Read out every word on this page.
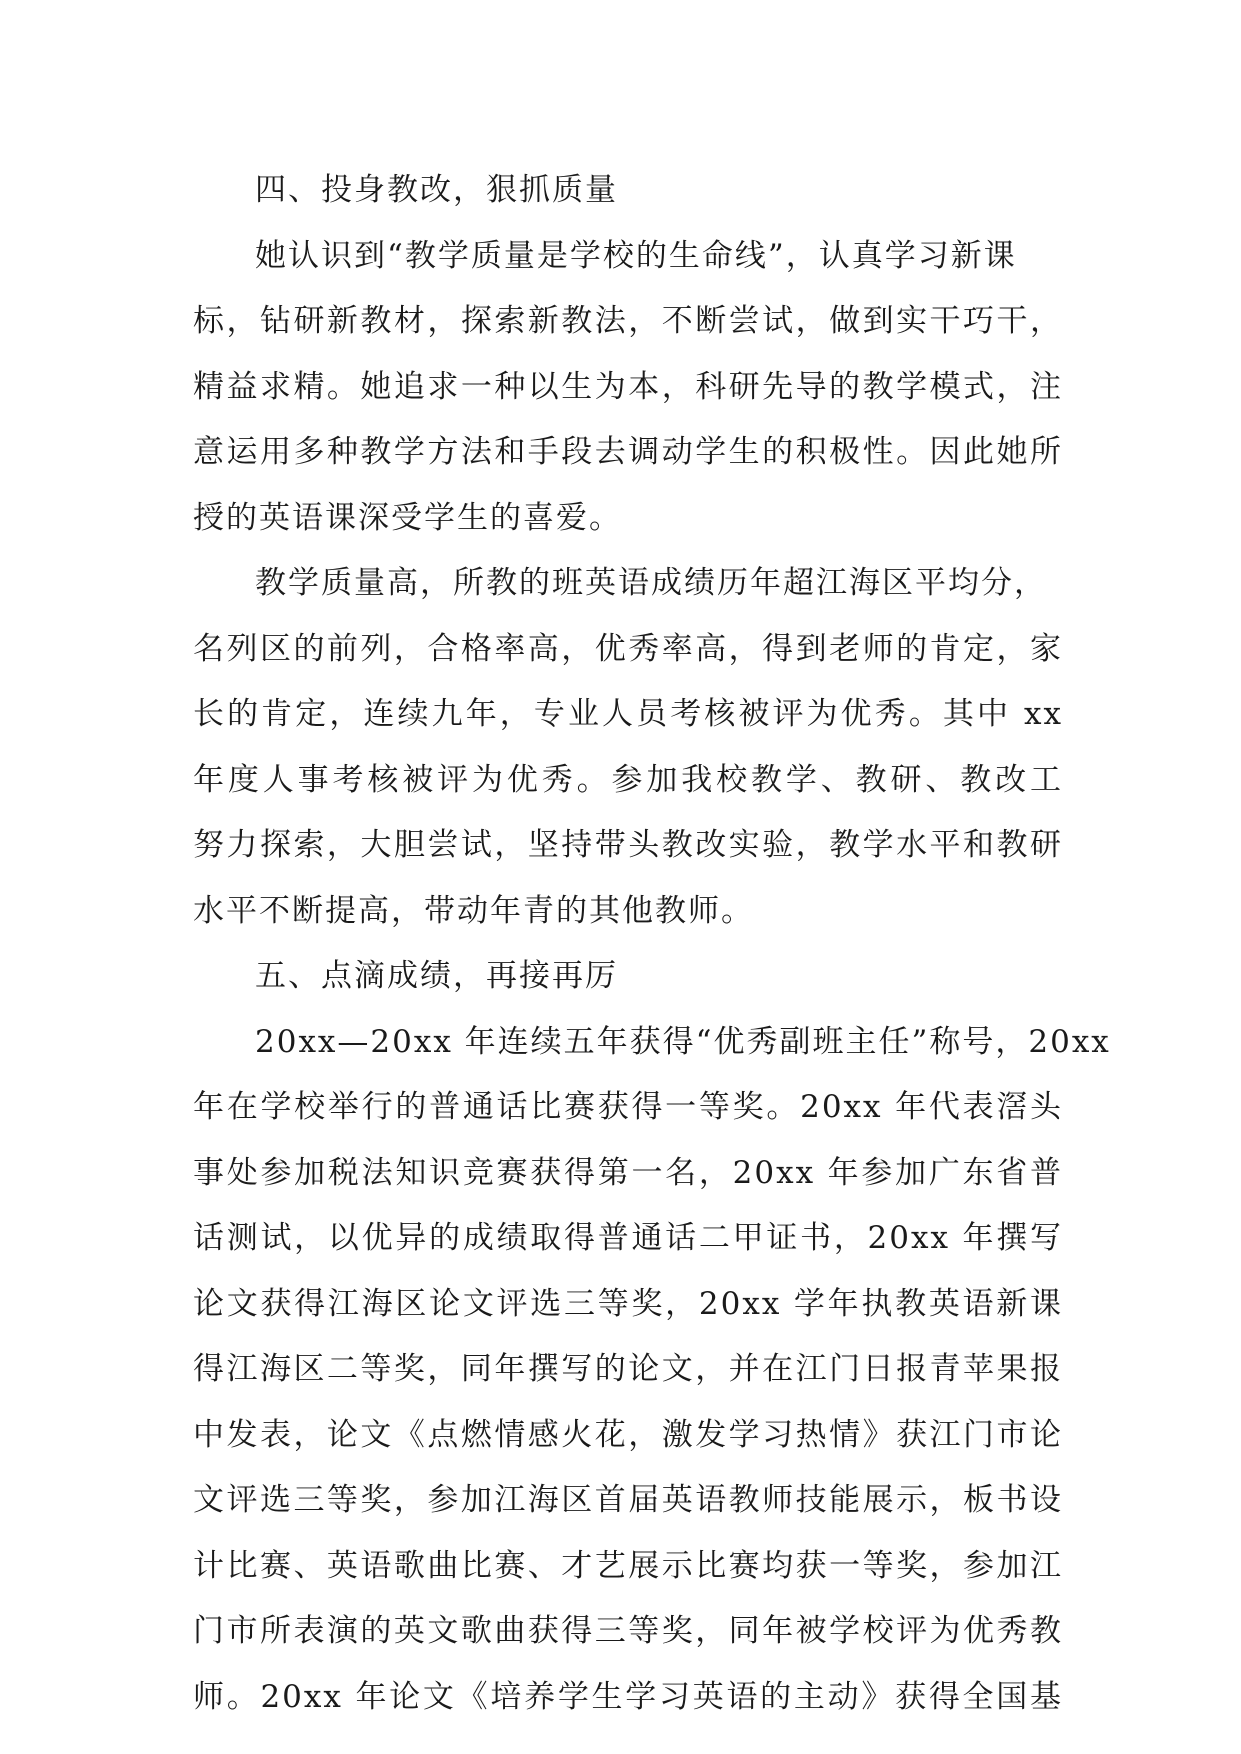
四、投身教改，狠抓质量
她认识到“教学质量是学校的生命线”，认真学习新课
标，钻研新教材，探索新教法，不断尝试，做到实干巧干，
精益求精。她追求一种以生为本，科研先导的教学模式，注
意运用多种教学方法和手段去调动学生的积极性。因此她所
授的英语课深受学生的喜爱。
教学质量高，所教的班英语成绩历年超江海区平均分，
名列区的前列，合格率高，优秀率高，得到老师的肯定，家
长的肯定，连续九年，专业人员考核被评为优秀。其中 xx
年度人事考核被评为优秀。参加我校教学、教研、教改工
努力探索，大胆尝试，坚持带头教改实验，教学水平和教研
水平不断提高，带动年青的其他教师。
五、点滴成绩，再接再厉
20xx—20xx 年连续五年获得“优秀副班主任”称号，20xx
年在学校举行的普通话比赛获得一等奖。20xx 年代表滘头
事处参加税法知识竞赛获得第一名，20xx 年参加广东省普
话测试，以优异的成绩取得普通话二甲证书，20xx 年撰写
论文获得江海区论文评选三等奖，20xx 学年执教英语新课
得江海区二等奖，同年撰写的论文，并在江门日报青苹果报
中发表，论文《点燃情感火花，激发学习热情》获江门市论
文评选三等奖，参加江海区首届英语教师技能展示，板书设
计比赛、英语歌曲比赛、才艺展示比赛均获一等奖，参加江
门市所表演的英文歌曲获得三等奖，同年被学校评为优秀教
师。20xx 年论文《培养学生学习英语的主动》获得全国基
